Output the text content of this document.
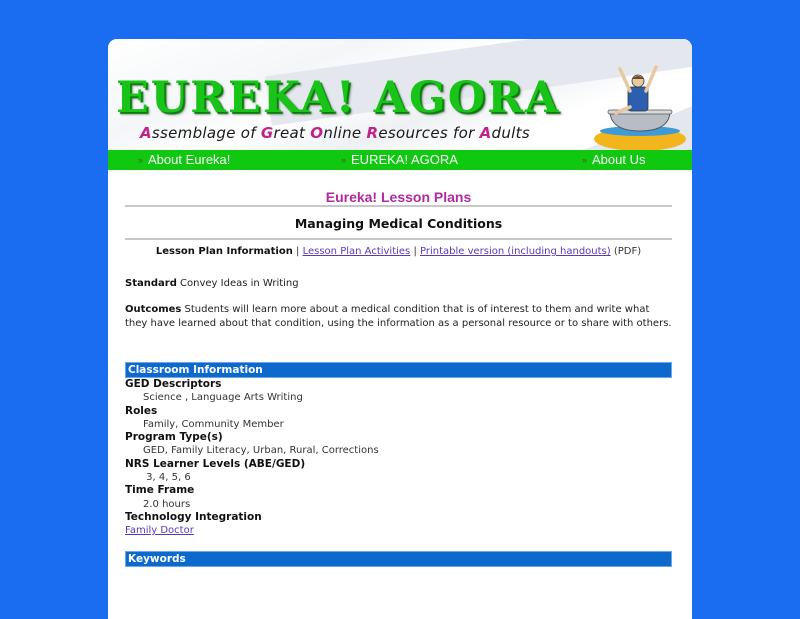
EUREKA! AGORA
Assemblage of Great Online Resources for Adults
» About Eureka!	» EUREKA! AGORA	» About Us
Eureka! Lesson Plans
Managing Medical Conditions
Lesson Plan Information | Lesson Plan Activities | Printable version (including handouts) (PDF)
Standard Convey Ideas in Writing
Outcomes Students will learn more about a medical condition that is of interest to them and write what they have learned about that condition, using the information as a personal resource or to share with others.
Classroom Information
GED Descriptors
Science , Language Arts Writing
Roles
Family, Community Member
Program Type(s)
GED, Family Literacy, Urban, Rural, Corrections
NRS Learner Levels (ABE/GED)
3, 4, 5, 6
Time Frame
2.0 hours
Technology Integration
Family Doctor
Keywords
